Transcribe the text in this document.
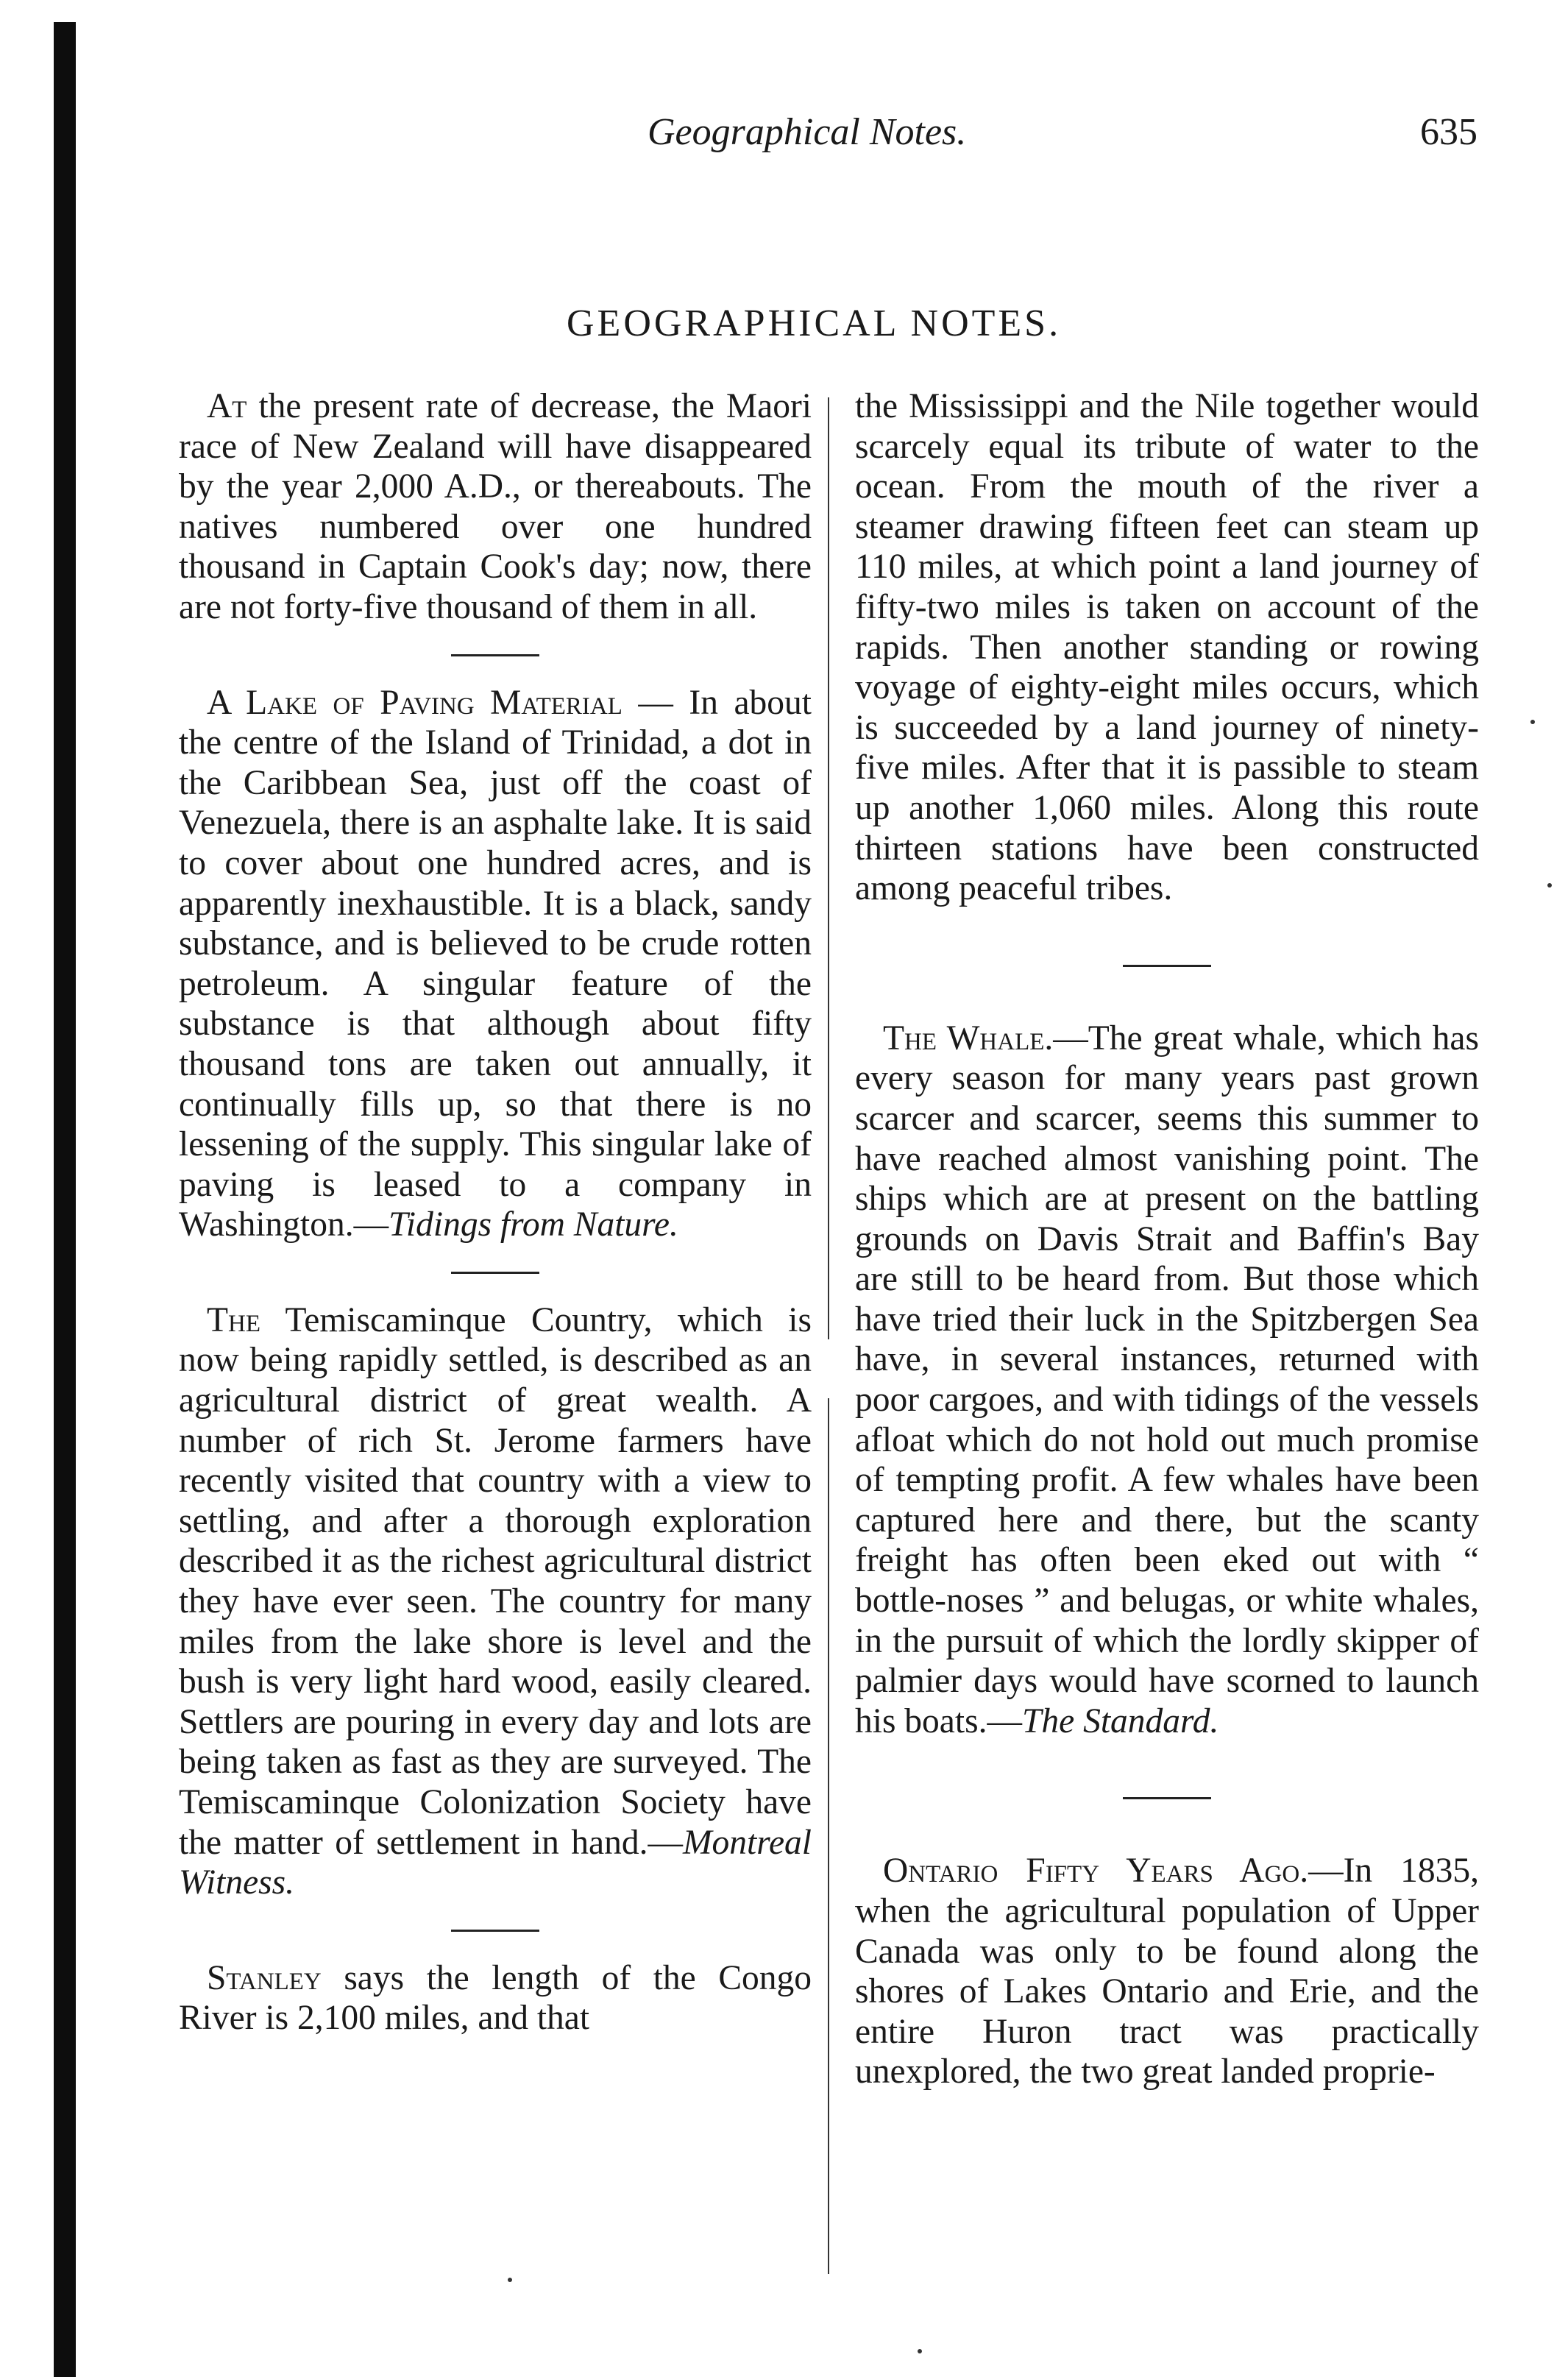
Geographical Notes.	635
GEOGRAPHICAL NOTES.

At the present rate of decrease, the Maori race of New Zealand will have disappeared by the year 2,000 A.D., or thereabouts. The natives numbered over one hundred thousand in Captain Cook's day; now, there are not forty-five thousand of them in all.

A Lake of Paving Material — In about the centre of the Island of Trinidad, a dot in the Caribbean Sea, just off the coast of Venezuela, there is an asphalte lake. It is said to cover about one hundred acres, and is apparently inexhaustible. It is a black, sandy substance, and is believed to be crude rotten petroleum. A singular feature of the substance is that although about fifty thousand tons are taken out annually, it continually fills up, so that there is no lessening of the supply. This singular lake of paving is leased to a company in Washington.—Tidings from Nature.

The Temiscaminque Country, which is now being rapidly settled, is described as an agricultural district of great wealth. A number of rich St. Jerome farmers have recently visited that country with a view to settling, and after a thorough exploration described it as the richest agricultural district they have ever seen. The country for many miles from the lake shore is level and the bush is very light hard wood, easily cleared. Settlers are pouring in every day and lots are being taken as fast as they are surveyed. The Temiscaminque Colonization Society have the matter of settlement in hand.—Montreal Witness.

Stanley says the length of the Congo River is 2,100 miles, and that

the Mississippi and the Nile together would scarcely equal its tribute of water to the ocean. From the mouth of the river a steamer drawing fifteen feet can steam up 110 miles, at which point a land journey of fifty-two miles is taken on account of the rapids. Then another standing or rowing voyage of eighty-eight miles occurs, which is succeeded by a land journey of ninety-five miles. After that it is passible to steam up another 1,060 miles. Along this route thirteen stations have been constructed among peaceful tribes.

The Whale.—The great whale, which has every season for many years past grown scarcer and scarcer, seems this summer to have reached almost vanishing point. The ships which are at present on the battling grounds on Davis Strait and Baffin's Bay are still to be heard from. But those which have tried their luck in the Spitzbergen Sea have, in several instances, returned with poor cargoes, and with tidings of the vessels afloat which do not hold out much promise of tempting profit. A few whales have been captured here and there, but the scanty freight has often been eked out with “ bottle-noses ” and belugas, or white whales, in the pursuit of which the lordly skipper of palmier days would have scorned to launch his boats.—The Standard.

Ontario Fifty Years Ago.—In 1835, when the agricultural population of Upper Canada was only to be found along the shores of Lakes Ontario and Erie, and the entire Huron tract was practically unexplored, the two great landed proprie-
